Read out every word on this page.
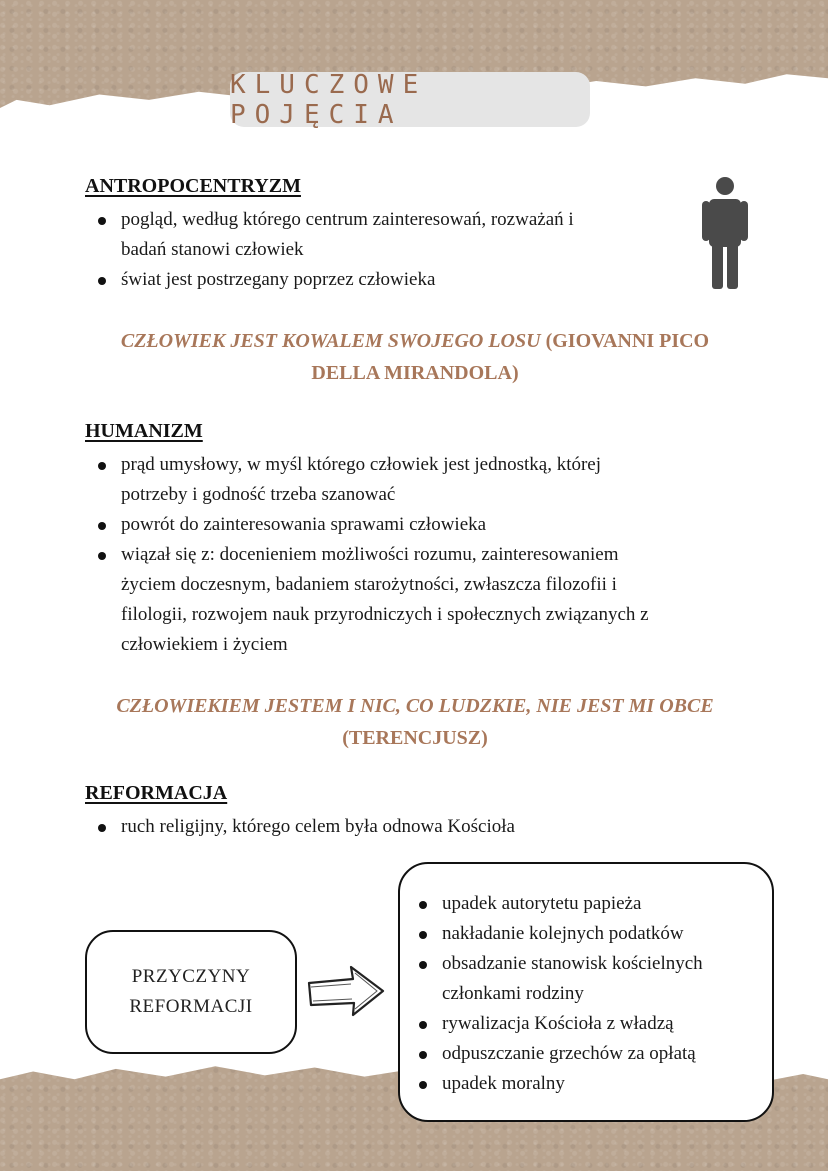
KLUCZOWE POJĘCIA
ANTROPOCENTRYZM
pogląd, według którego centrum zainteresowań, rozważań i
badań stanowi człowiek
świat jest postrzegany poprzez człowieka
CZŁOWIEK JEST KOWALEM SWOJEGO LOSU (GIOVANNI PICO
DELLA MIRANDOLA)
HUMANIZM
prąd umysłowy, w myśl którego człowiek jest jednostką, której
potrzeby i godność trzeba szanować
powrót do zainteresowania sprawami człowieka
wiązał się z: docenieniem możliwości rozumu, zainteresowaniem
życiem doczesnym, badaniem starożytności, zwłaszcza filozofii i
filologii, rozwojem nauk przyrodniczych i społecznych związanych z
człowiekiem i życiem
CZŁOWIEKIEM JESTEM I NIC, CO LUDZKIE, NIE JEST MI OBCE
(TERENCJUSZ)
REFORMACJA
ruch religijny, którego celem była odnowa Kościoła
PRZYCZYNY
REFORMACJI
upadek autorytetu papieża
nakładanie kolejnych podatków
obsadzanie stanowisk kościelnych
członkami rodziny
rywalizacja Kościoła z władzą
odpuszczanie grzechów za opłatą
upadek moralny
